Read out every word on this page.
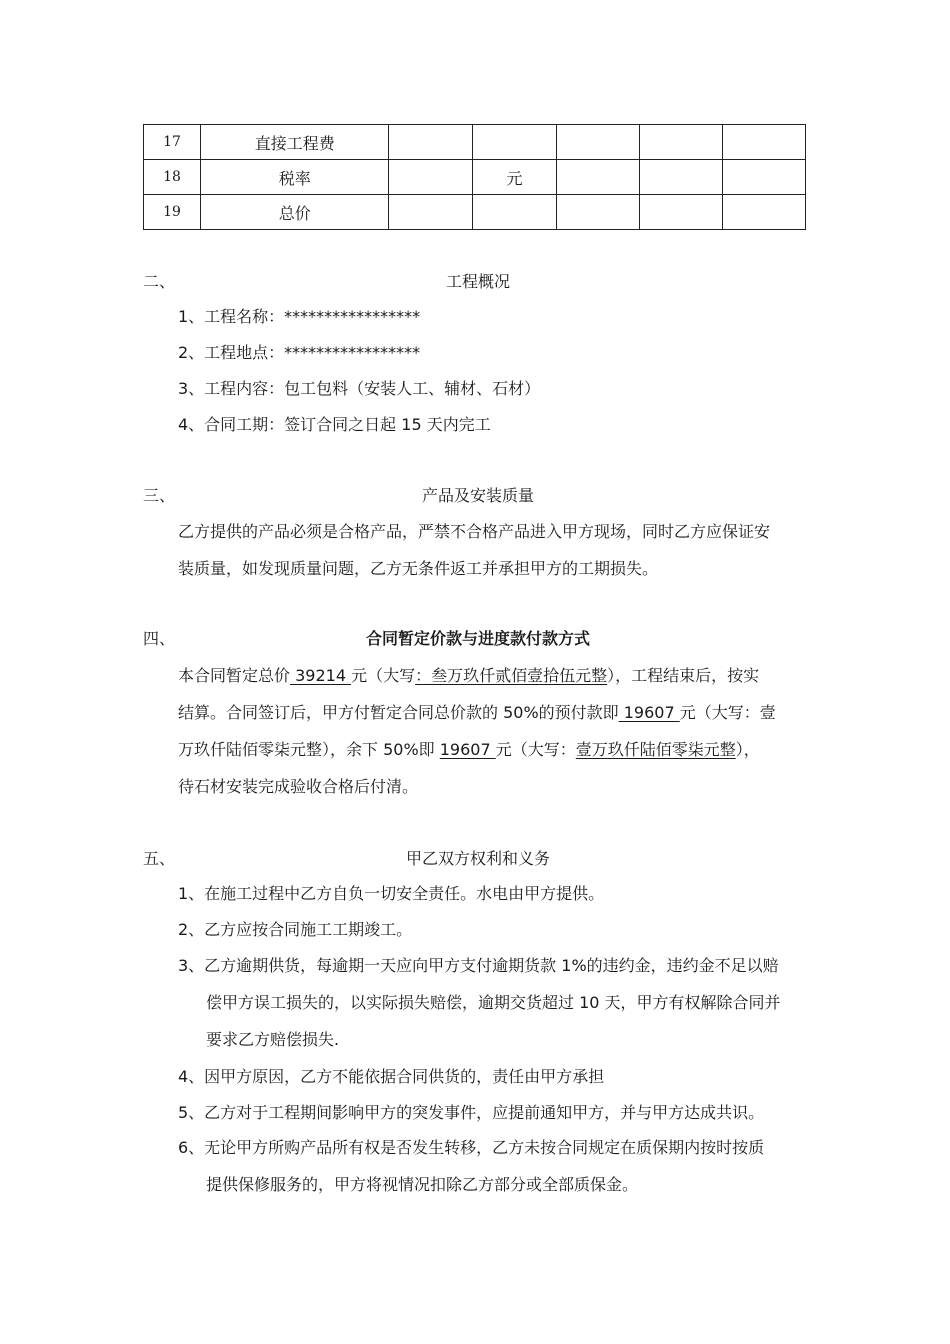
17	直接工程费					
18	税率		元			
19	总价					
二、	工程概况
1、工程名称：*****************
2、工程地点：*****************
3、工程内容：包工包料（安装人工、辅材、石材）
4、合同工期：签订合同之日起 15 天内完工
三、	产品及安装质量
乙方提供的产品必须是合格产品，严禁不合格产品进入甲方现场，同时乙方应保证安
装质量，如发现质量问题，乙方无条件返工并承担甲方的工期损失。
四、	合同暂定价款与进度款付款方式
本合同暂定总价 39214 元（大写：叁万玖仟贰佰壹拾伍元整），工程结束后，按实
结算。合同签订后，甲方付暂定合同总价款的 50%的预付款即 19607 元（大写：壹
万玖仟陆佰零柒元整），余下 50%即 19607 元（大写：壹万玖仟陆佰零柒元整），
待石材安装完成验收合格后付清。
五、	甲乙双方权利和义务
1、在施工过程中乙方自负一切安全责任。水电由甲方提供。
2、乙方应按合同施工工期竣工。
3、乙方逾期供货，每逾期一天应向甲方支付逾期货款 1%的违约金，违约金不足以赔
偿甲方误工损失的，以实际损失赔偿，逾期交货超过 10 天，甲方有权解除合同并
要求乙方赔偿损失.
4、因甲方原因，乙方不能依据合同供货的，责任由甲方承担
5、乙方对于工程期间影响甲方的突发事件，应提前通知甲方，并与甲方达成共识。
6、无论甲方所购产品所有权是否发生转移，乙方未按合同规定在质保期内按时按质
提供保修服务的，甲方将视情况扣除乙方部分或全部质保金。
